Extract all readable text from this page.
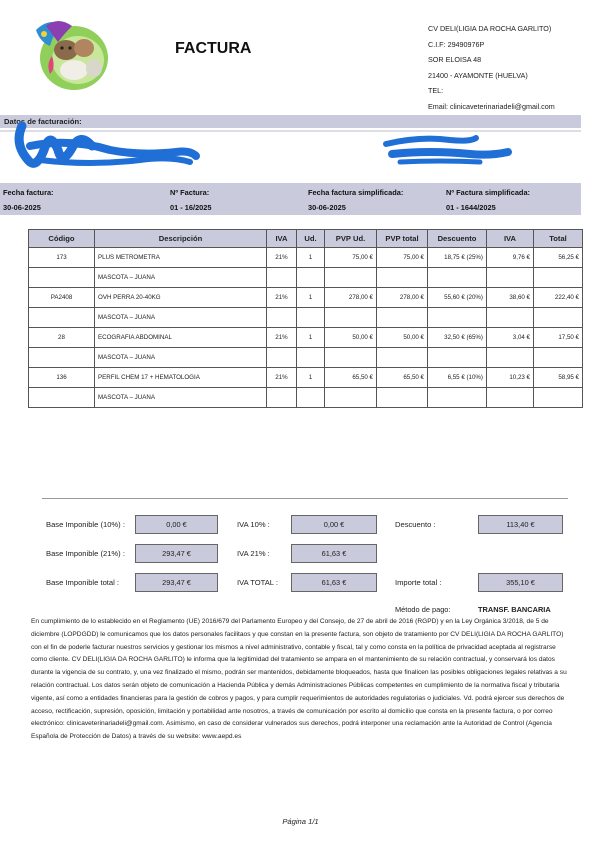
FACTURA
CV DELI(LIGIA DA ROCHA GARLITO)
C.I.F: 29490976P
SOR ELOISA 48
21400 - AYAMONTE (HUELVA)
TEL:
Email: clinicaveterinariadeli@gmail.com
Datos de facturación:
Fecha factura:
30-06-2025
Nº Factura:
01 - 16/2025
Fecha factura simplificada:
30-06-2025
Nº Factura simplificada:
01 - 1644/2025
Código	Descripción	IVA	Ud.	PVP Ud.	PVP total	Descuento	IVA	Total
173	PLUS METROMETRA	21%	1	75,00 €	75,00 €	18,75 € (25%)	9,76 €	56,25 €
	MASCOTA – JUANA							
PA2408	OVH PERRA 20-40KG	21%	1	278,00 €	278,00 €	55,60 € (20%)	38,60 €	222,40 €
	MASCOTA – JUANA							
28	ECOGRAFIA ABDOMINAL	21%	1	50,00 €	50,00 €	32,50 € (65%)	3,04 €	17,50 €
	MASCOTA – JUANA							
136	PERFIL CHEM 17 + HEMATOLOGIA	21%	1	65,50 €	65,50 €	6,55 € (10%)	10,23 €	58,95 €
	MASCOTA – JUANA							
Base Imponible (10%) :	0,00 €	IVA 10% :	0,00 €	Descuento :	113,40 €
Base Imponible (21%) :	293,47 €	IVA 21% :	61,63 €
Base Imponible total :	293,47 €	IVA TOTAL :	61,63 €	Importe total :	355,10 €
Método de pago:	TRANSF. BANCARIA
En cumplimiento de lo establecido en el Reglamento (UE) 2016/679 del Parlamento Europeo y del Consejo, de 27 de abril de 2016 (RGPD) y en la Ley Orgánica 3/2018, de 5 de diciembre (LOPDGDD) le comunicamos que los datos personales facilitaos y que constan en la presente factura, son objeto de tratamiento por CV DELI(LIGIA DA ROCHA GARLITO) con el fin de poderle facturar nuestros servicios y gestionar los mismos a nivel administrativo, contable y fiscal, tal y como consta en la política de privacidad aceptada al registrarse como cliente. CV DELI(LIGIA DA ROCHA GARLITO) le informa que la legitimidad del tratamiento se ampara en el mantenimiento de su relación contractual, y conservará los datos durante la vigencia de su contrato, y, una vez finalizado el mismo, podrán ser mantenidos, debidamente bloqueados, hasta que finalicen las posibles obligaciones legales relativas a su relación contractual. Los datos serán objeto de comunicación a Hacienda Pública y demás Administraciones Públicas competentes en cumplimiento de la normativa fiscal y tributaria vigente, así como a entidades financieras para la gestión de cobros y pagos, y para cumplir requerimientos de autoridades regulatorias o judiciales. Vd. podrá ejercer sus derechos de acceso, rectificación, supresión, oposición, limitación y portabilidad ante nosotros, a través de comunicación por escrito al domicilio que consta en la presente factura, o por correo electrónico: clinicaveterinariadeli@gmail.com. Asimismo, en caso de considerar vulnerados sus derechos, podrá interponer una reclamación ante la Autoridad de Control (Agencia Española de Protección de Datos) a través de su website: www.aepd.es
Página 1/1
